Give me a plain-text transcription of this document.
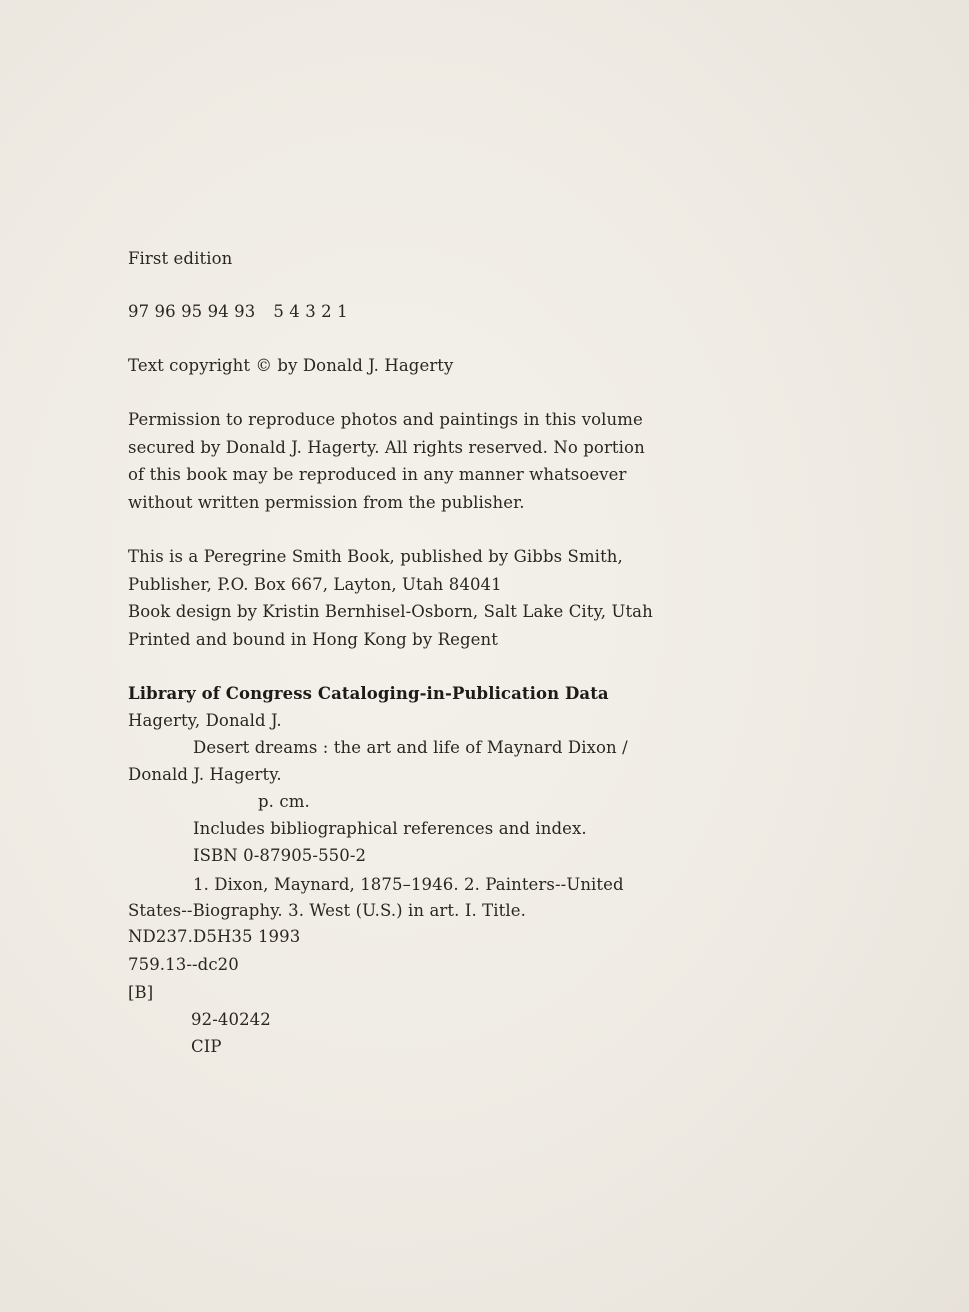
First edition
97 96 95 94 93 5 4 3 2 1
Text copyright © by Donald J. Hagerty
Permission to reproduce photos and paintings in this volume
secured by Donald J. Hagerty. All rights reserved. No portion
of this book may be reproduced in any manner whatsoever
without written permission from the publisher.
This is a Peregrine Smith Book, published by Gibbs Smith,
Publisher, P.O. Box 667, Layton, Utah 84041
Book design by Kristin Bernhisel-Osborn, Salt Lake City, Utah
Printed and bound in Hong Kong by Regent
Library of Congress Cataloging-in-Publication Data
Hagerty, Donald J.
Desert dreams : the art and life of Maynard Dixon /
Donald J. Hagerty.
p. cm.
Includes bibliographical references and index.
ISBN 0-87905-550-2
1. Dixon, Maynard, 1875–1946. 2. Painters--United
States--Biography. 3. West (U.S.) in art. I. Title.
ND237.D5H35 1993
759.13--dc20
[B]
92-40242
CIP
